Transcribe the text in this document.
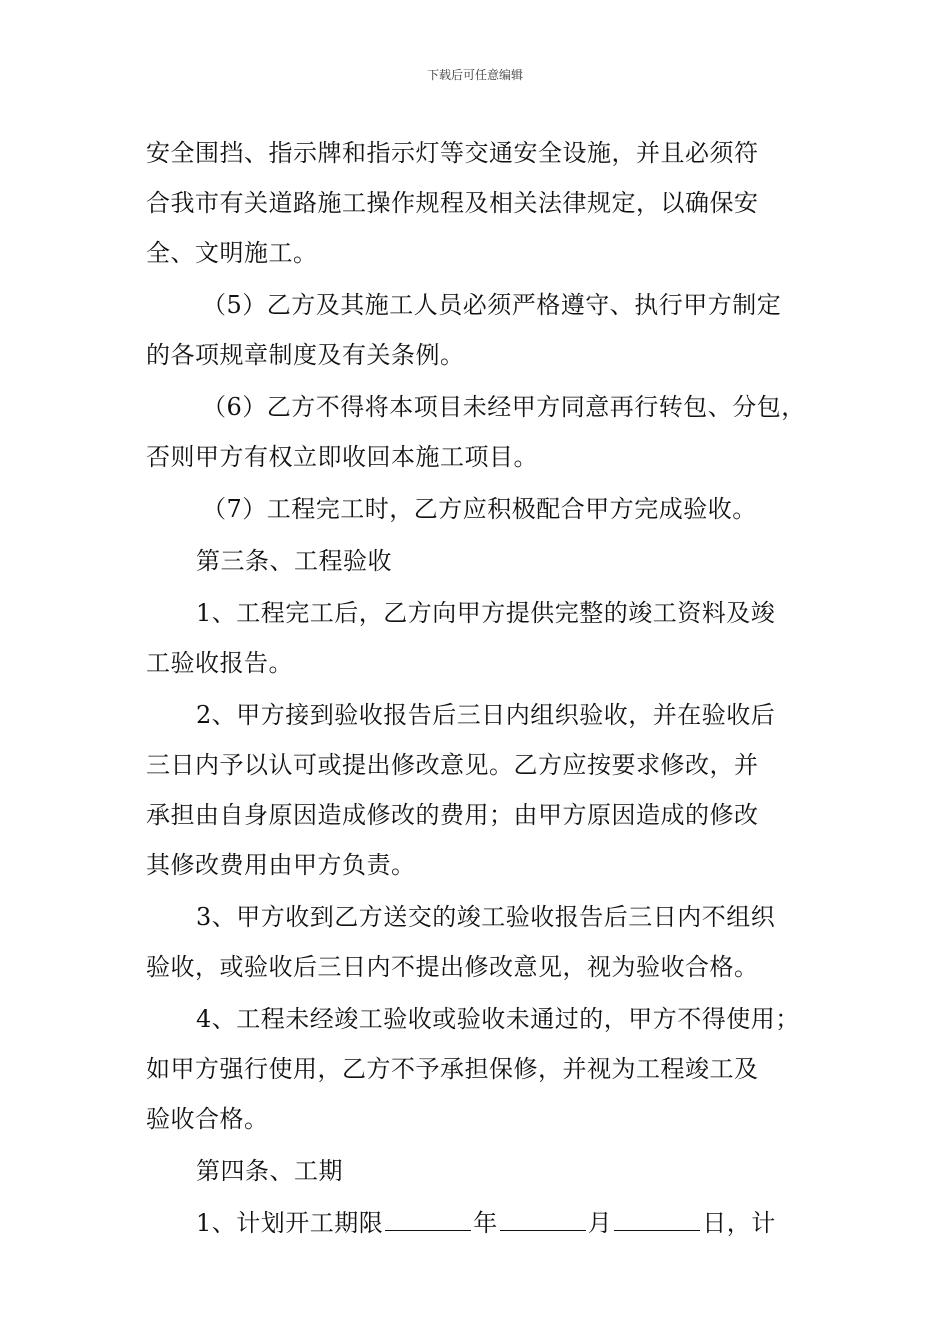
下载后可任意编辑
安全围挡、指示牌和指示灯等交通安全设施，并且必须符
合我市有关道路施工操作规程及相关法律规定，以确保安
全、文明施工。
（5）乙方及其施工人员必须严格遵守、执行甲方制定
的各项规章制度及有关条例。
（6）乙方不得将本项目未经甲方同意再行转包、分包，
否则甲方有权立即收回本施工项目。
（7）工程完工时，乙方应积极配合甲方完成验收。
第三条、工程验收
1、工程完工后，乙方向甲方提供完整的竣工资料及竣
工验收报告。
2、甲方接到验收报告后三日内组织验收，并在验收后
三日内予以认可或提出修改意见。乙方应按要求修改，并
承担由自身原因造成修改的费用；由甲方原因造成的修改
其修改费用由甲方负责。
3、甲方收到乙方送交的竣工验收报告后三日内不组织
验收，或验收后三日内不提出修改意见，视为验收合格。
4、工程未经竣工验收或验收未通过的，甲方不得使用；
如甲方强行使用，乙方不予承担保修，并视为工程竣工及
验收合格。
第四条、工期
1、计划开工期限	年	月	日，计
